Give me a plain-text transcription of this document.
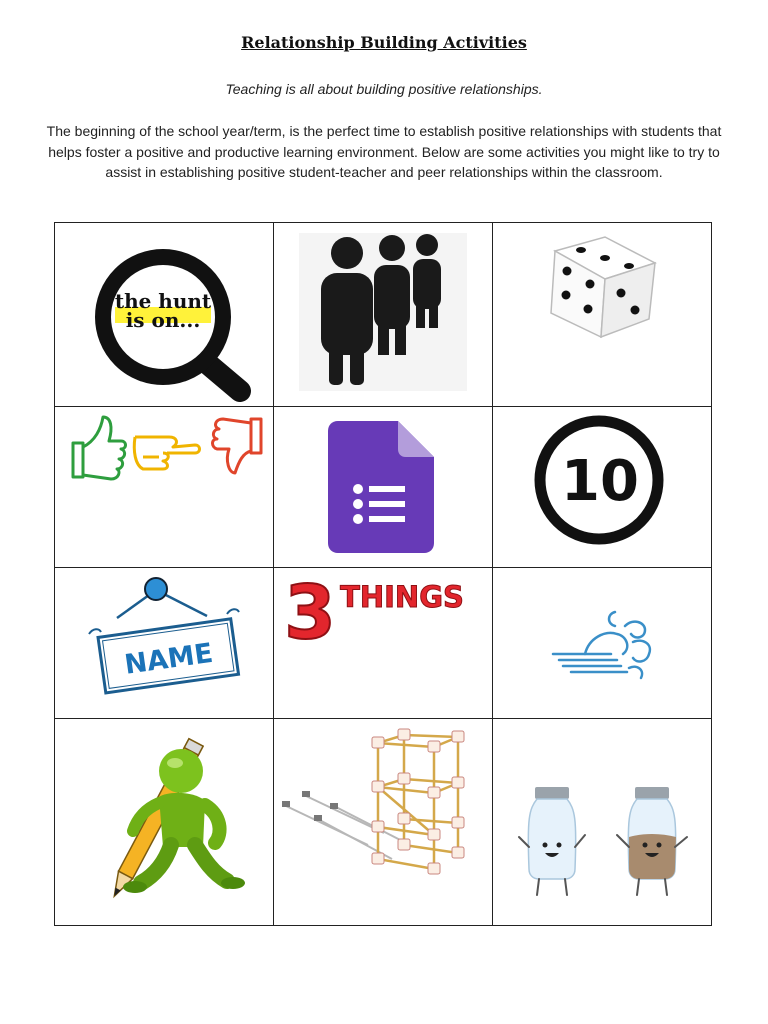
Relationship Building Activities
Teaching is all about building positive relationships.

The beginning of the school year/term, is the perfect time to establish positive relationships with students that helps foster a positive and productive learning environment. Below are some activities you might like to try to assist in establishing positive student-teacher and peer relationships within the classroom.

the hunt
is on...
10
NAME
3 THINGS
